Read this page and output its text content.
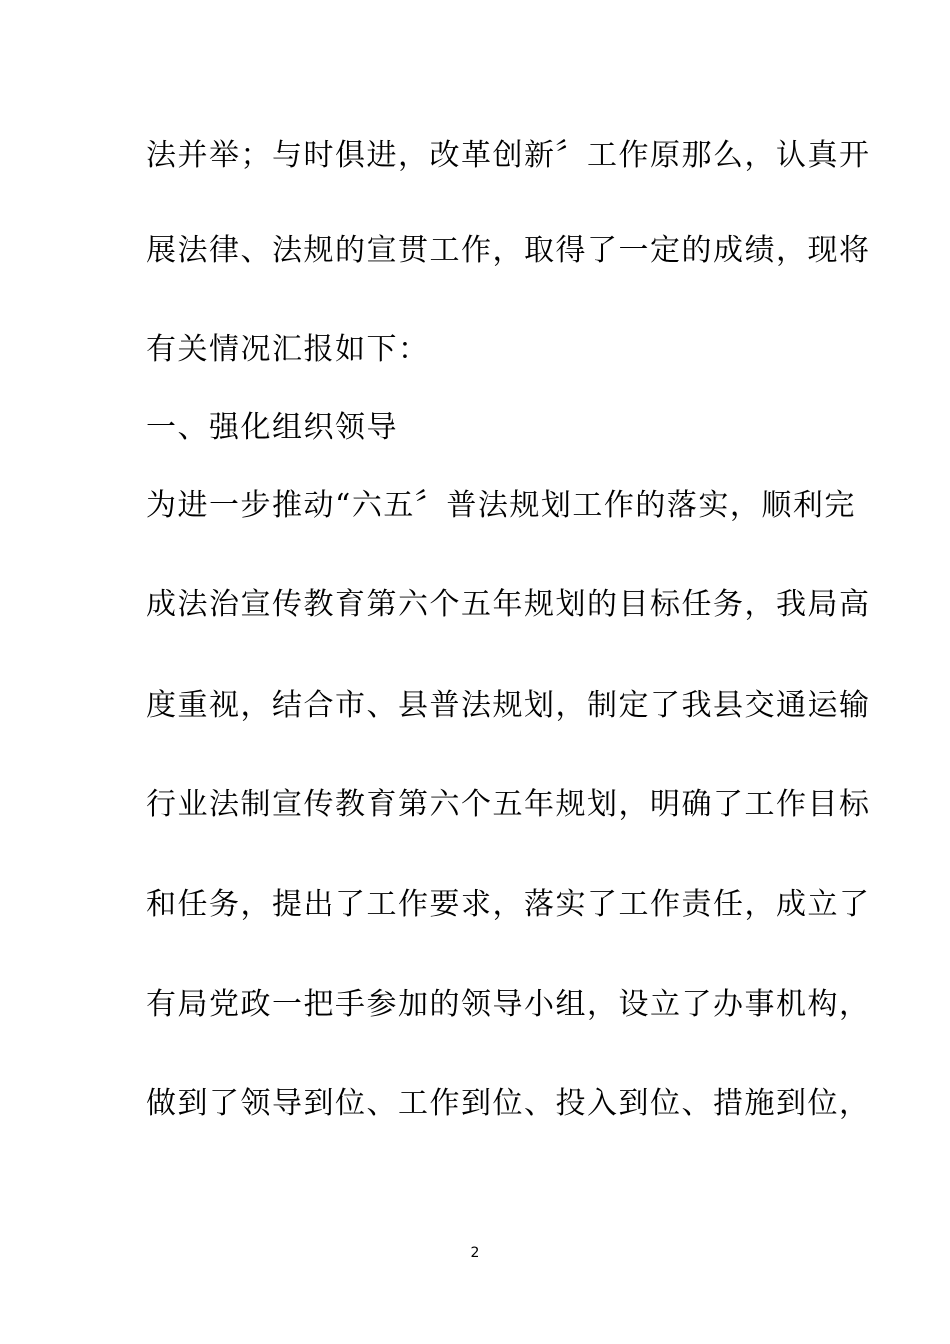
法并举；与时俱进，改革创新〞工作原那么，认真开
展法律、法规的宣贯工作，取得了一定的成绩，现将
有关情况汇报如下：
一、强化组织领导
为进一步推动“六五〞普法规划工作的落实，顺利完
成法治宣传教育第六个五年规划的目标任务，我局高
度重视，结合市、县普法规划，制定了我县交通运输
行业法制宣传教育第六个五年规划，明确了工作目标
和任务，提出了工作要求，落实了工作责任，成立了
有局党政一把手参加的领导小组，设立了办事机构，
做到了领导到位、工作到位、投入到位、措施到位，
2
